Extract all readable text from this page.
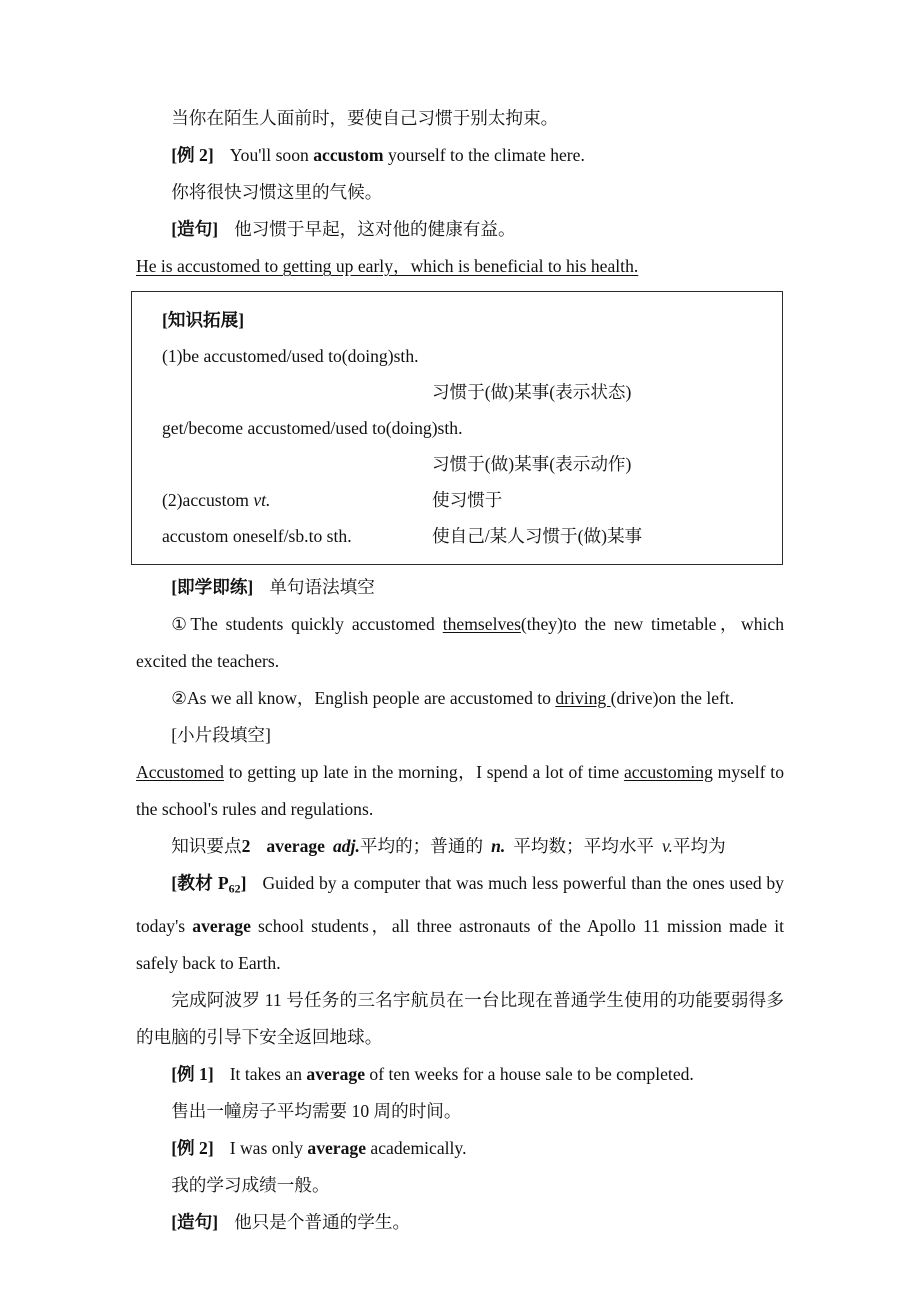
当你在陌生人面前时，要使自己习惯于别太拘束。

[例 2] You'll soon accustom yourself to the climate here.

你将很快习惯这里的气候。

[造句] 他习惯于早起，这对他的健康有益。

He is accustomed to getting up early，which is beneficial to his health.

[知识拓展]
(1)be accustomed/used to(doing)sth.
习惯于(做)某事(表示状态)

get/become accustomed/used to(doing)sth.
习惯于(做)某事(表示动作)

(2)accustom vt.	使习惯于
accustom oneself/sb.to sth.	使自己/某人习惯于(做)某事

[即学即练] 单句语法填空

①The students quickly accustomed themselves(they)to the new timetable，which excited the teachers.

②As we all know，English people are accustomed to driving (drive)on the left.

[小片段填空]

Accustomed to getting up late in the morning，I spend a lot of time accustoming myself to the school's rules and regulations.

知识要点2 average adj.平均的；普通的 n. 平均数；平均水平 v.平均为

[教材 $P_{62}$] Guided by a computer that was much less powerful than the ones used by today's average school students，all three astronauts of the Apollo 11 mission made it safely back to Earth.

完成阿波罗 11 号任务的三名宇航员在一台比现在普通学生使用的功能要弱得多的电脑的引导下安全返回地球。

[例 1] It takes an average of ten weeks for a house sale to be completed.

售出一幢房子平均需要 10 周的时间。

[例 2] I was only average academically.

我的学习成绩一般。

[造句] 他只是个普通的学生。
